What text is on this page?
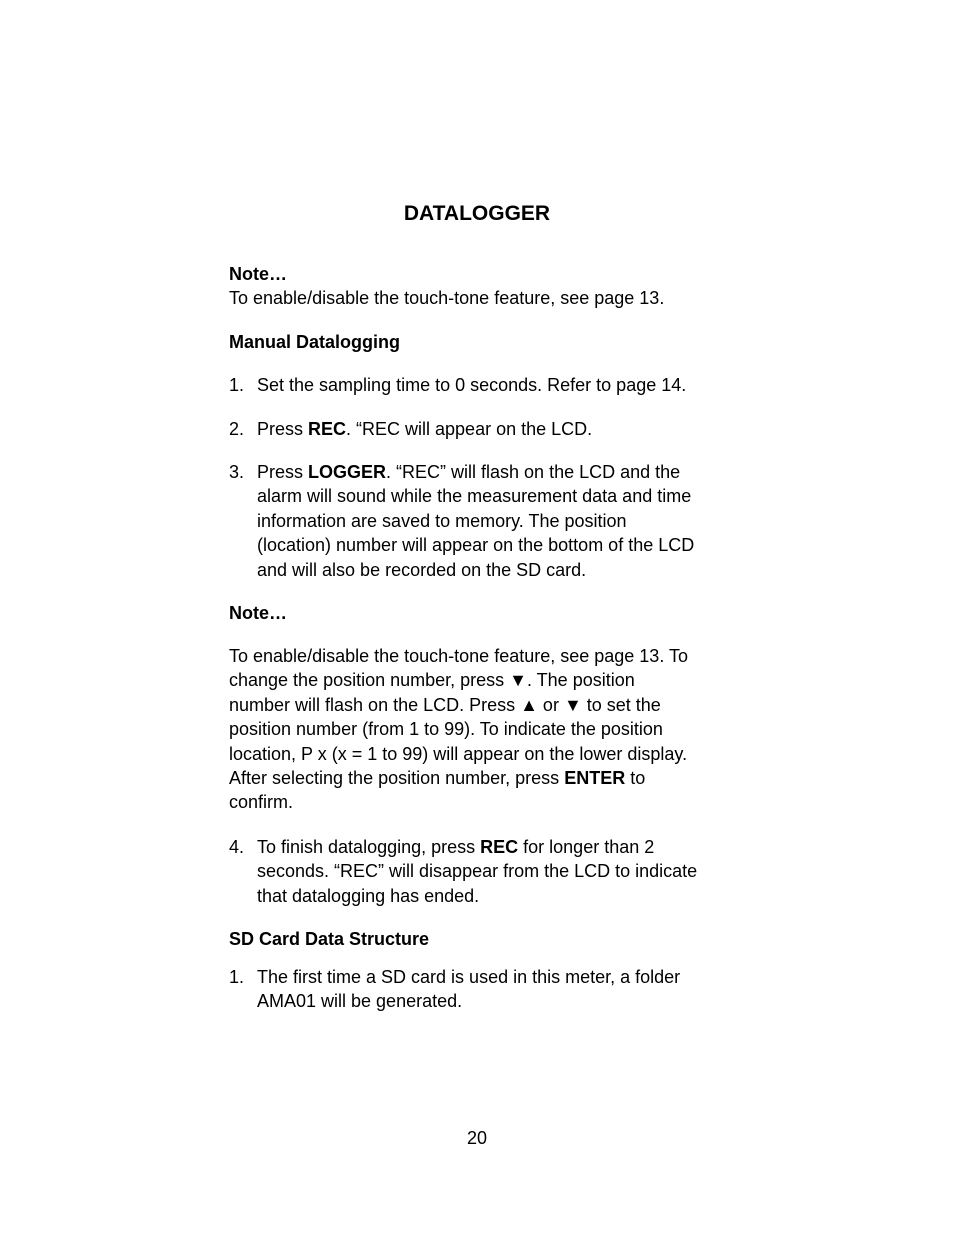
DATALOGGER

Note…

To enable/disable the touch-tone feature, see page 13.

Manual Datalogging

1. Set the sampling time to 0 seconds. Refer to page 14.
2. Press REC. “REC will appear on the LCD.
3. Press LOGGER. “REC” will flash on the LCD and the
alarm will sound while the measurement data and time
information are saved to memory. The position
(location) number will appear on the bottom of the LCD
and will also be recorded on the SD card.

Note…

To enable/disable the touch-tone feature, see page 13. To

change the position number, press ▼. The position

number will flash on the LCD. Press ▲ or ▼ to set the

position number (from 1 to 99). To indicate the position

location, P x (x = 1 to 99) will appear on the lower display.

After selecting the position number, press ENTER to

confirm.

4. To finish datalogging, press REC for longer than 2
seconds. “REC” will disappear from the LCD to indicate
that datalogging has ended.

SD Card Data Structure

1. The first time a SD card is used in this meter, a folder
AMA01 will be generated.
20
